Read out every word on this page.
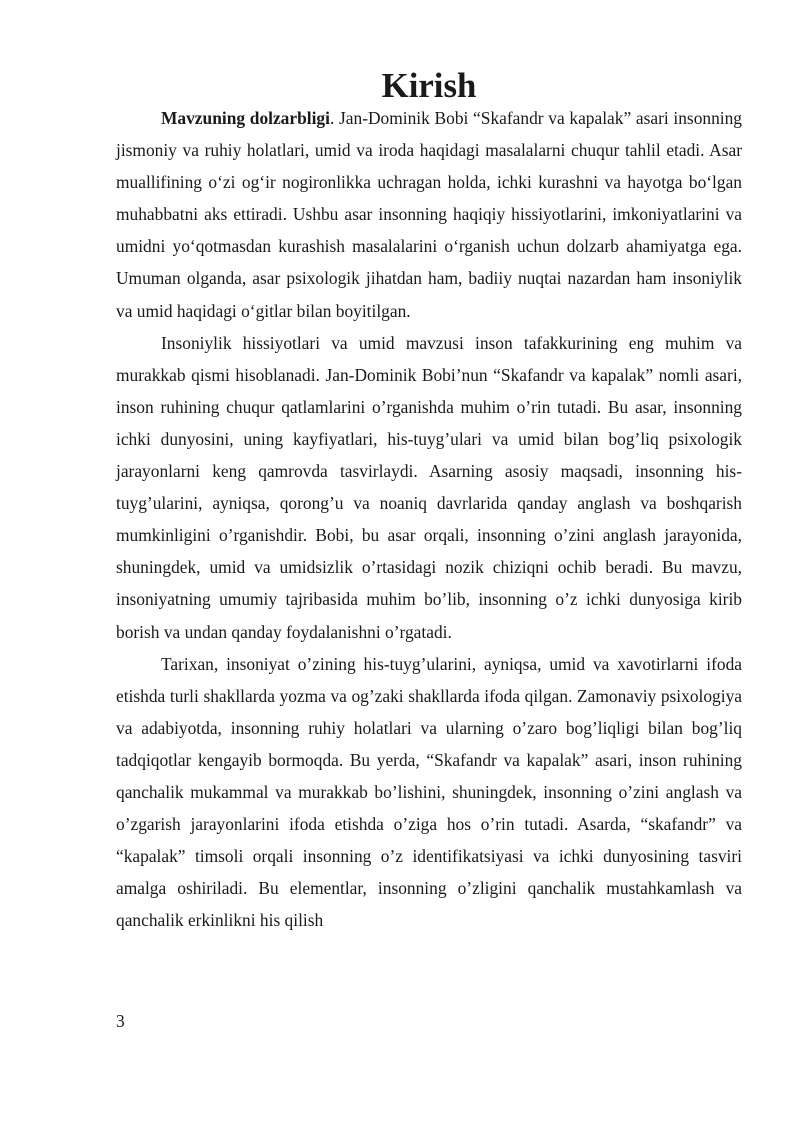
Kirish

Mavzuning dolzarbligi. Jan-Dominik Bobi “Skafandr va kapalak” asari insonning jismoniy va ruhiy holatlari, umid va iroda haqidagi masalalarni chuqur tahlil etadi. Asar muallifining oʻzi ogʻir nogironlikka uchragan holda, ichki kurashni va hayotga boʻlgan muhabbatni aks ettiradi. Ushbu asar insonning haqiqiy hissiyotlarini, imkoniyatlarini va umidni yoʻqotmasdan kurashish masalalarini oʻrganish uchun dolzarb ahamiyatga ega. Umuman olganda, asar psixologik jihatdan ham, badiiy nuqtai nazardan ham insoniylik va umid haqidagi oʻgitlar bilan boyitilgan.

Insoniylik hissiyotlari va umid mavzusi inson tafakkurining eng muhim va murakkab qismi hisoblanadi. Jan-Dominik Bobi’nun “Skafandr va kapalak” nomli asari, inson ruhining chuqur qatlamlarini o’rganishda muhim o’rin tutadi. Bu asar, insonning ichki dunyosini, uning kayfiyatlari, his-tuyg’ulari va umid bilan bog’liq psixologik jarayonlarni keng qamrovda tasvirlaydi. Asarning asosiy maqsadi, insonning his-tuyg’ularini, ayniqsa, qorong’u va noaniq davrlarida qanday anglash va boshqarish mumkinligini o’rganishdir. Bobi, bu asar orqali, insonning o’zini anglash jarayonida, shuningdek, umid va umidsizlik o’rtasidagi nozik chiziqni ochib beradi. Bu mavzu, insoniyatning umumiy tajribasida muhim bo’lib, insonning o’z ichki dunyosiga kirib borish va undan qanday foydalanishni o’rgatadi.

Tarixan, insoniyat o’zining his-tuyg’ularini, ayniqsa, umid va xavotirlarni ifoda etishda turli shakllarda yozma va og’zaki shakllarda ifoda qilgan. Zamonaviy psixologiya va adabiyotda, insonning ruhiy holatlari va ularning o’zaro bog’liqligi bilan bog’liq tadqiqotlar kengayib bormoqda. Bu yerda, “Skafandr va kapalak” asari, inson ruhining qanchalik mukammal va murakkab bo’lishini, shuningdek, insonning o’zini anglash va o’zgarish jarayonlarini ifoda etishda o’ziga hos o’rin tutadi. Asarda, “skafandr” va “kapalak” timsoli orqali insonning o’z identifikatsiyasi va ichki dunyosining tasviri amalga oshiriladi. Bu elementlar, insonning o’zligini qanchalik mustahkamlash va qanchalik erkinlikni his qilish

3
